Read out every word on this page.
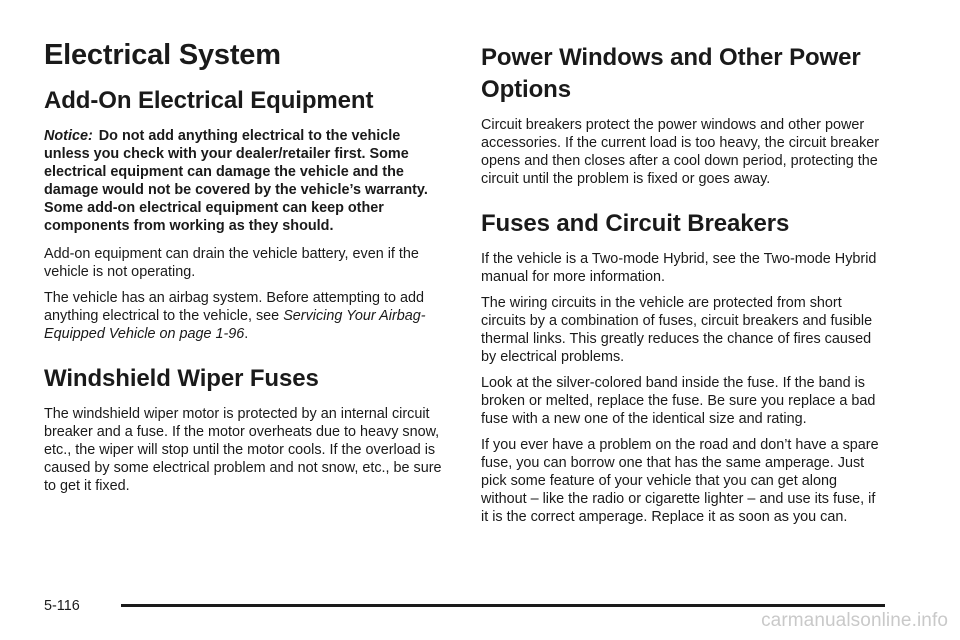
Electrical System
Add-On Electrical Equipment

Notice: Do not add anything electrical to the vehicle unless you check with your dealer/retailer first. Some electrical equipment can damage the vehicle and the damage would not be covered by the vehicle’s warranty. Some add-on electrical equipment can keep other components from working as they should.

Add-on equipment can drain the vehicle battery, even if the vehicle is not operating.

The vehicle has an airbag system. Before attempting to add anything electrical to the vehicle, see Servicing Your Airbag-Equipped Vehicle on page 1-96.

Windshield Wiper Fuses

The windshield wiper motor is protected by an internal circuit breaker and a fuse. If the motor overheats due to heavy snow, etc., the wiper will stop until the motor cools. If the overload is caused by some electrical problem and not snow, etc., be sure to get it fixed.

Power Windows and Other Power Options

Circuit breakers protect the power windows and other power accessories. If the current load is too heavy, the circuit breaker opens and then closes after a cool down period, protecting the circuit until the problem is fixed or goes away.

Fuses and Circuit Breakers

If the vehicle is a Two-mode Hybrid, see the Two-mode Hybrid manual for more information.

The wiring circuits in the vehicle are protected from short circuits by a combination of fuses, circuit breakers and fusible thermal links. This greatly reduces the chance of fires caused by electrical problems.

Look at the silver-colored band inside the fuse. If the band is broken or melted, replace the fuse. Be sure you replace a bad fuse with a new one of the identical size and rating.

If you ever have a problem on the road and don’t have a spare fuse, you can borrow one that has the same amperage. Just pick some feature of your vehicle that you can get along without – like the radio or cigarette lighter – and use its fuse, if it is the correct amperage. Replace it as soon as you can.

5-116
carmanualsonline.info
